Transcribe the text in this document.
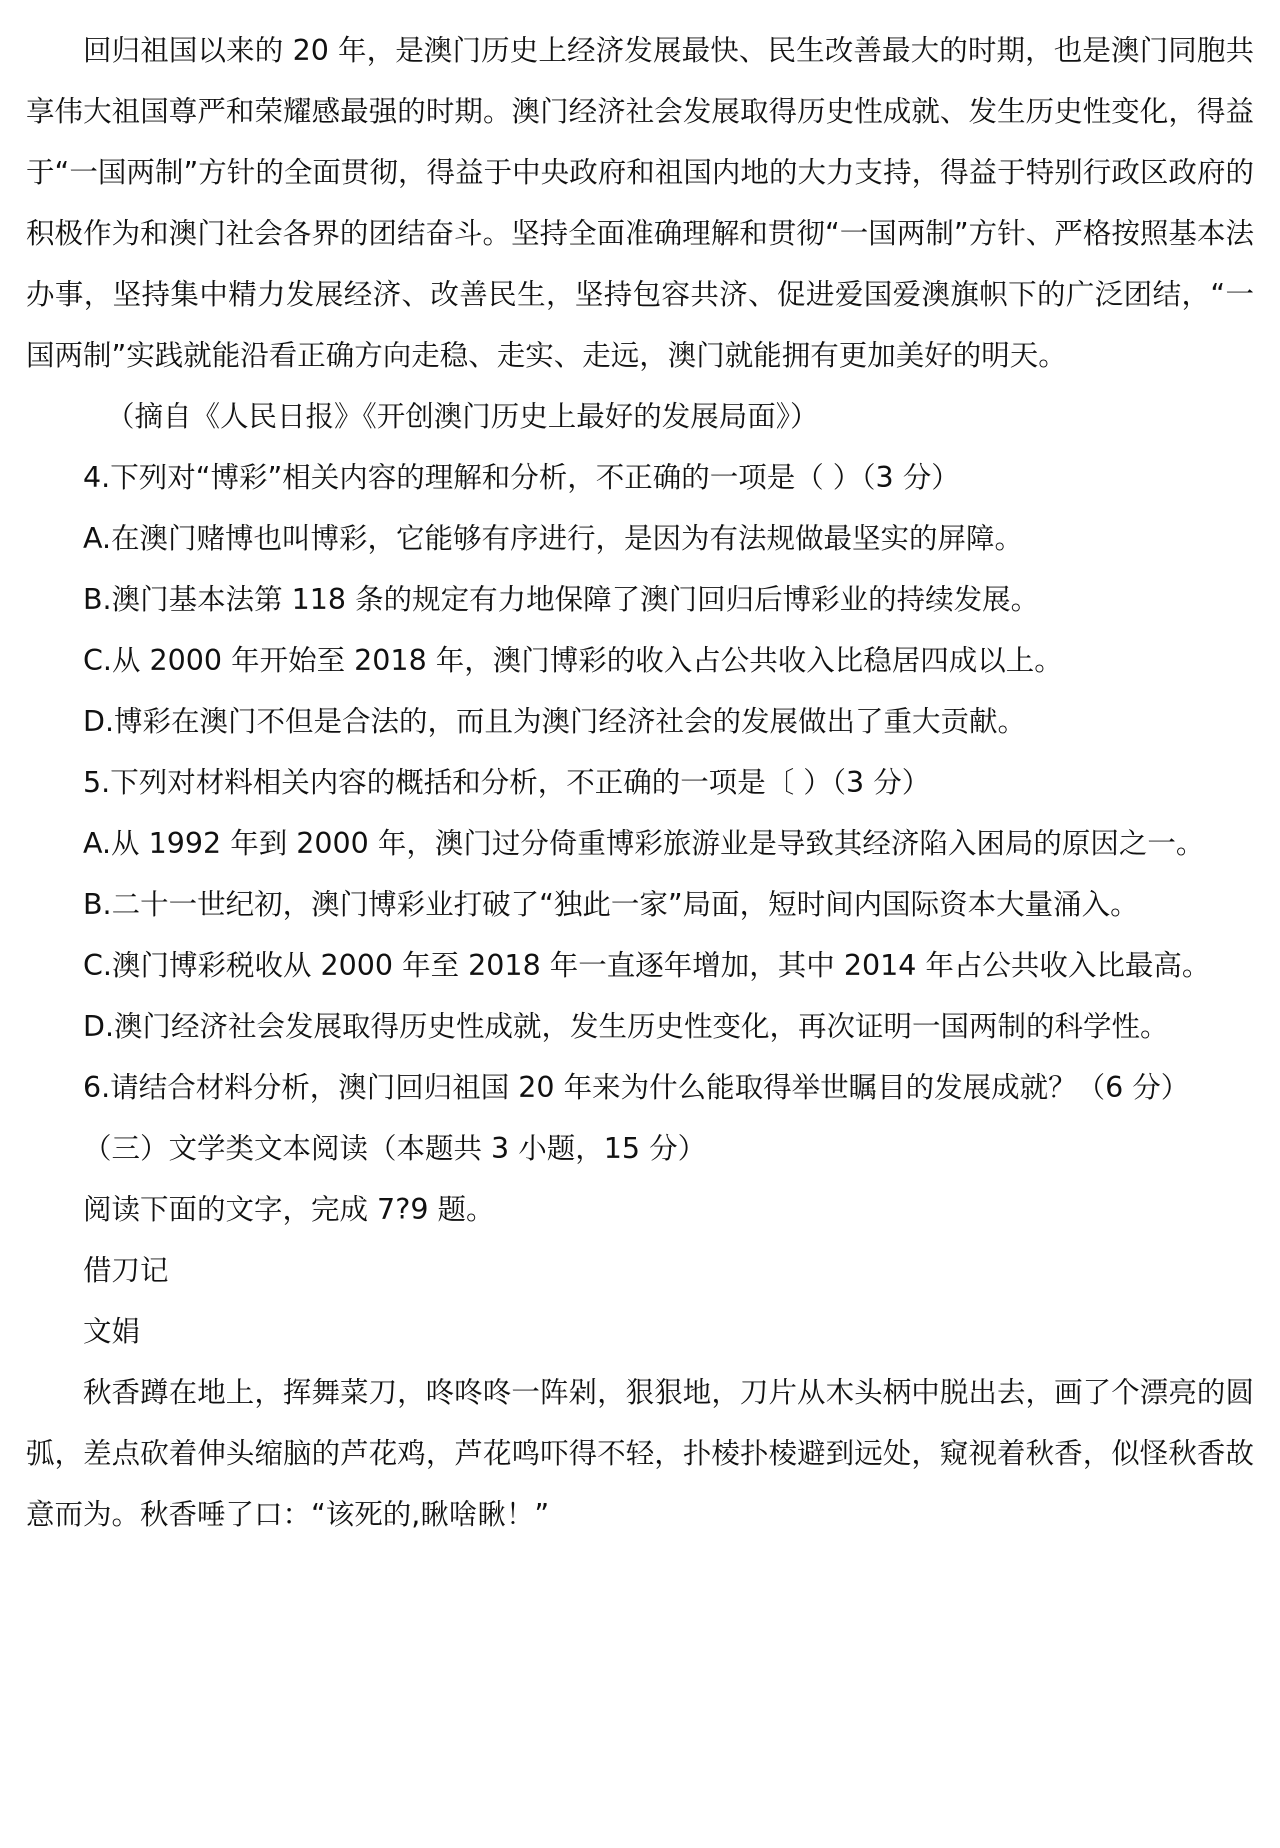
回归祖国以来的 20 年，是澳门历史上经济发展最快、民生改善最大的时期，也是澳门同胞共享伟大祖国尊严和荣耀感最强的时期。澳门经济社会发展取得历史性成就、发生历史性变化，得益于“一国两制”方针的全面贯彻，得益于中央政府和祖国内地的大力支持，得益于特别行政区政府的积极作为和澳门社会各界的团结奋斗。坚持全面准确理解和贯彻“一国两制”方针、严格按照基本法办事，坚持集中精力发展经济、改善民生，坚持包容共济、促进爱国爱澳旗帜下的广泛团结，“一国两制”实践就能沿看正确方向走稳、走实、走远，澳门就能拥有更加美好的明天。

（摘自《人民日报》《开创澳门历史上最好的发展局面》）

4.下列对“博彩”相关内容的理解和分析，不正确的一项是（ ）（3 分）

A.在澳门赌博也叫博彩，它能够有序进行，是因为有法规做最坚实的屏障。

B.澳门基本法第 118 条的规定有力地保障了澳门回归后博彩业的持续发展。

C.从 2000 年开始至 2018 年，澳门博彩的收入占公共收入比稳居四成以上。

D.博彩在澳门不但是合法的，而且为澳门经济社会的发展做出了重大贡献。

5.下列对材料相关内容的概括和分析，不正确的一项是〔 ）（3 分）

A.从 1992 年到 2000 年，澳门过分倚重博彩旅游业是导致其经济陷入困局的原因之一。

B.二十一世纪初，澳门博彩业打破了“独此一家”局面，短时间内国际资本大量涌入。

C.澳门博彩税收从 2000 年至 2018 年一直逐年增加，其中 2014 年占公共收入比最高。

D.澳门经济社会发展取得历史性成就，发生历史性变化，再次证明一国两制的科学性。

6.请结合材料分析，澳门回归祖国 20 年来为什么能取得举世瞩目的发展成就？（6 分）

（三）文学类文本阅读（本题共 3 小题，15 分）

阅读下面的文字，完成 7?9 题。

借刀记

文娟

秋香蹲在地上，挥舞菜刀，咚咚咚一阵剁，狠狠地，刀片从木头柄中脱出去，画了个漂亮的圆弧，差点砍着伸头缩脑的芦花鸡，芦花鸣吓得不轻，扑棱扑棱避到远处，窥视着秋香，似怪秋香故意而为。秋香唾了口：“该死的,瞅啥瞅！”
